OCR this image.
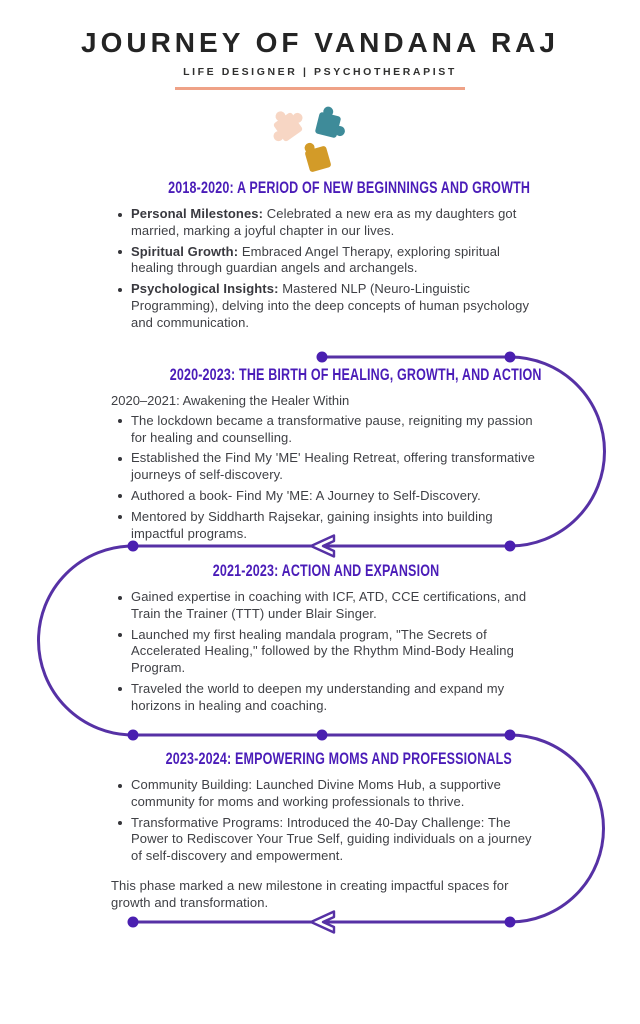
JOURNEY OF VANDANA RAJ
LIFE DESIGNER | PSYCHOTHERAPIST
2018-2020: A PERIOD OF NEW BEGINNINGS AND GROWTH
Personal Milestones: Celebrated a new era as my daughters got married, marking a joyful chapter in our lives.
Spiritual Growth: Embraced Angel Therapy, exploring spiritual healing through guardian angels and archangels.
Psychological Insights: Mastered NLP (Neuro-Linguistic Programming), delving into the deep concepts of human psychology and communication.
2020-2023: THE BIRTH OF HEALING, GROWTH, AND ACTION
2020–2021: Awakening the Healer Within
The lockdown became a transformative pause, reigniting my passion for healing and counselling.
Established the Find My 'ME' Healing Retreat, offering transformative journeys of self-discovery.
Authored a book- Find My 'ME: A Journey to Self-Discovery.
Mentored by Siddharth Rajsekar, gaining insights into building impactful programs.
2021-2023: ACTION AND EXPANSION
Gained expertise in coaching with ICF, ATD, CCE certifications, and Train the Trainer (TTT) under Blair Singer.
Launched my first healing mandala program, "The Secrets of Accelerated Healing," followed by the Rhythm Mind-Body Healing Program.
Traveled the world to deepen my understanding and expand my horizons in healing and coaching.
2023-2024: EMPOWERING MOMS AND PROFESSIONALS
Community Building: Launched Divine Moms Hub, a supportive community for moms and working professionals to thrive.
Transformative Programs: Introduced the 40-Day Challenge: The Power to Rediscover Your True Self, guiding individuals on a journey of self-discovery and empowerment.

This phase marked a new milestone in creating impactful spaces for growth and transformation.
